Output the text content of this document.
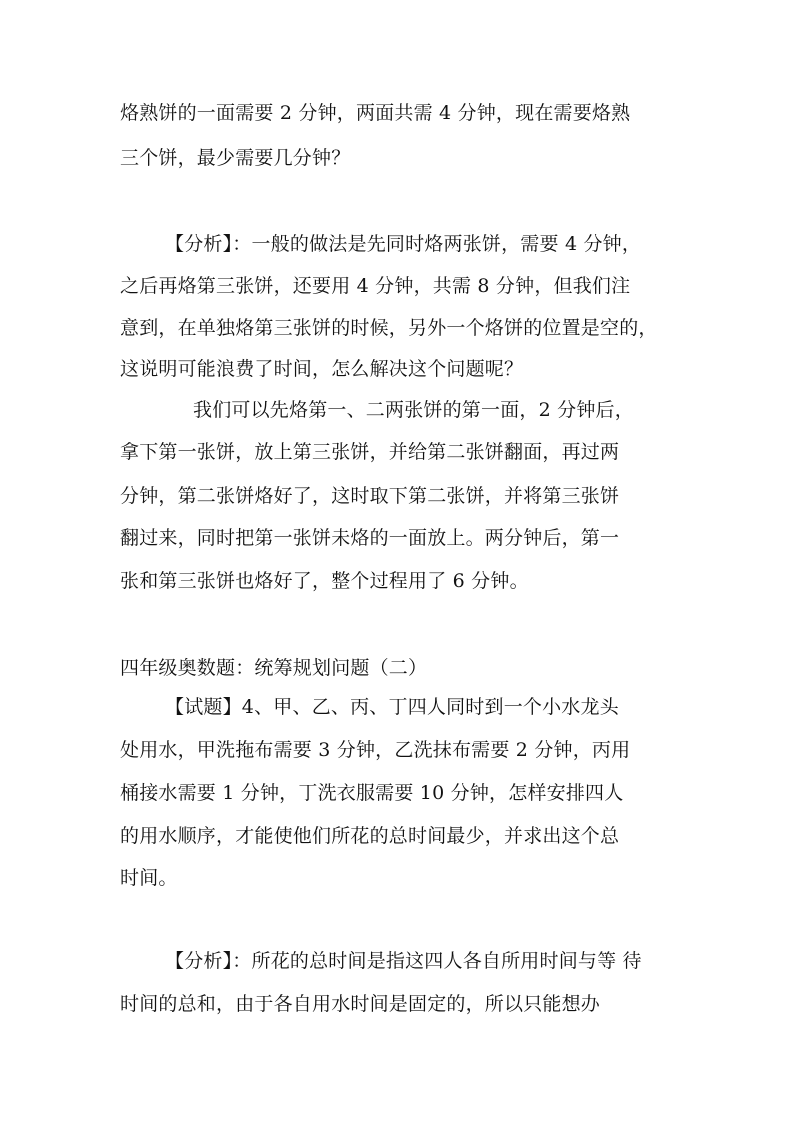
烙熟饼的一面需要 2 分钟，两面共需 4 分钟，现在需要烙熟
三个饼，最少需要几分钟？
【分析】：一般的做法是先同时烙两张饼，需要 4 分钟，
之后再烙第三张饼，还要用 4 分钟，共需 8 分钟，但我们注
意到，在单独烙第三张饼的时候，另外一个烙饼的位置是空的，
这说明可能浪费了时间，怎么解决这个问题呢？
我们可以先烙第一、二两张饼的第一面，2 分钟后，
拿下第一张饼，放上第三张饼，并给第二张饼翻面，再过两
分钟，第二张饼烙好了，这时取下第二张饼，并将第三张饼
翻过来，同时把第一张饼未烙的一面放上。两分钟后，第一
张和第三张饼也烙好了，整个过程用了 6 分钟。
四年级奥数题：统筹规划问题（二）
【试题】4、甲、乙、丙、丁四人同时到一个小水龙头
处用水，甲洗拖布需要 3 分钟，乙洗抹布需要 2 分钟，丙用
桶接水需要 1 分钟，丁洗衣服需要 10 分钟，怎样安排四人
的用水顺序，才能使他们所花的总时间最少，并求出这个总
时间。
【分析】：所花的总时间是指这四人各自所用时间与等 待
时间的总和，由于各自用水时间是固定的，所以只能想办
